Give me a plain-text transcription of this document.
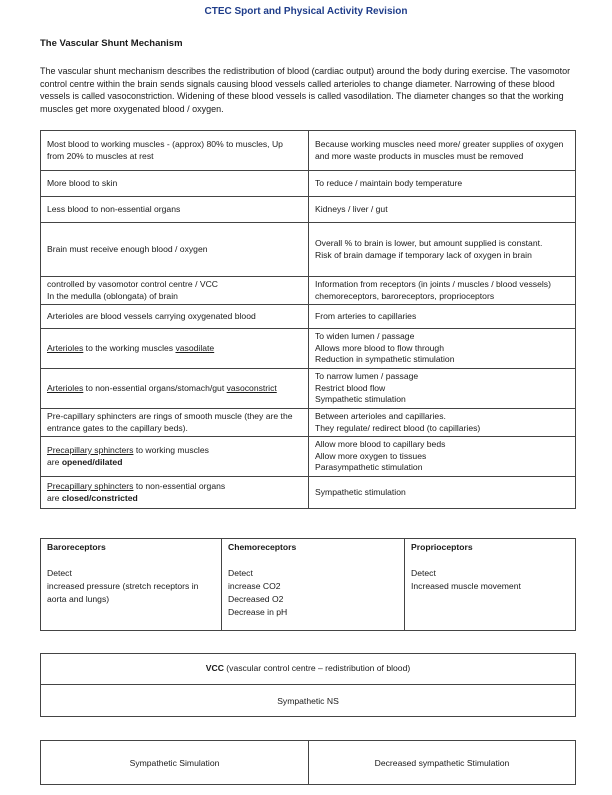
CTEC Sport and Physical Activity Revision
The Vascular Shunt Mechanism
The vascular shunt mechanism describes the redistribution of blood (cardiac output) around the body during exercise. The vasomotor control centre within the brain sends signals causing blood vessels called arterioles to change diameter. Narrowing of these blood vessels is called vasoconstriction. Widening of these blood vessels is called vasodilation. The diameter changes so that the working muscles get more oxygenated blood / oxygen.
Most blood to working muscles - (approx) 80% to muscles, Up from 20% to muscles at rest	Because working muscles need more/ greater supplies of oxygen and more waste products in muscles must be removed
More blood to skin	To reduce / maintain body temperature
Less blood to non-essential organs	Kidneys / liver / gut
Brain must receive enough blood / oxygen	Overall % to brain is lower, but amount supplied is constant.
Risk of brain damage if temporary lack of oxygen in brain

controlled by vasomotor control centre / VCC
In the medulla (oblongata) of brain	Information from receptors (in joints / muscles / blood vessels) chemoreceptors, baroreceptors, proprioceptors
Arterioles are blood vessels carrying oxygenated blood	From arteries to capillaries
Arterioles to the working muscles vasodilate	To widen lumen / passage
Allows more blood to flow through
Reduction in sympathetic stimulation

Arterioles to non-essential organs/stomach/gut vasoconstrict	To narrow lumen / passage
Restrict blood flow
Sympathetic stimulation

Pre-capillary sphincters are rings of smooth muscle (they are the entrance gates to the capillary beds).	Between arterioles and capillaries.
They regulate/ redirect blood (to capillaries)

Precapillary sphincters to working muscles
are opened/dilated	Allow more blood to capillary beds
Allow more oxygen to tissues
Parasympathetic stimulation

Precapillary sphincters to non-essential organs
are closed/constricted	Sympathetic stimulation
Baroreceptors

Detect
increased pressure (stretch receptors in aorta and lungs)
Chemoreceptors

Detect
increase CO2
Decreased O2
Decrease in pH
Proprioceptors

Detect
Increased muscle movement
VCC (vascular control centre – redistribution of blood)
Sympathetic NS
Sympathetic Simulation	Decreased sympathetic Stimulation
